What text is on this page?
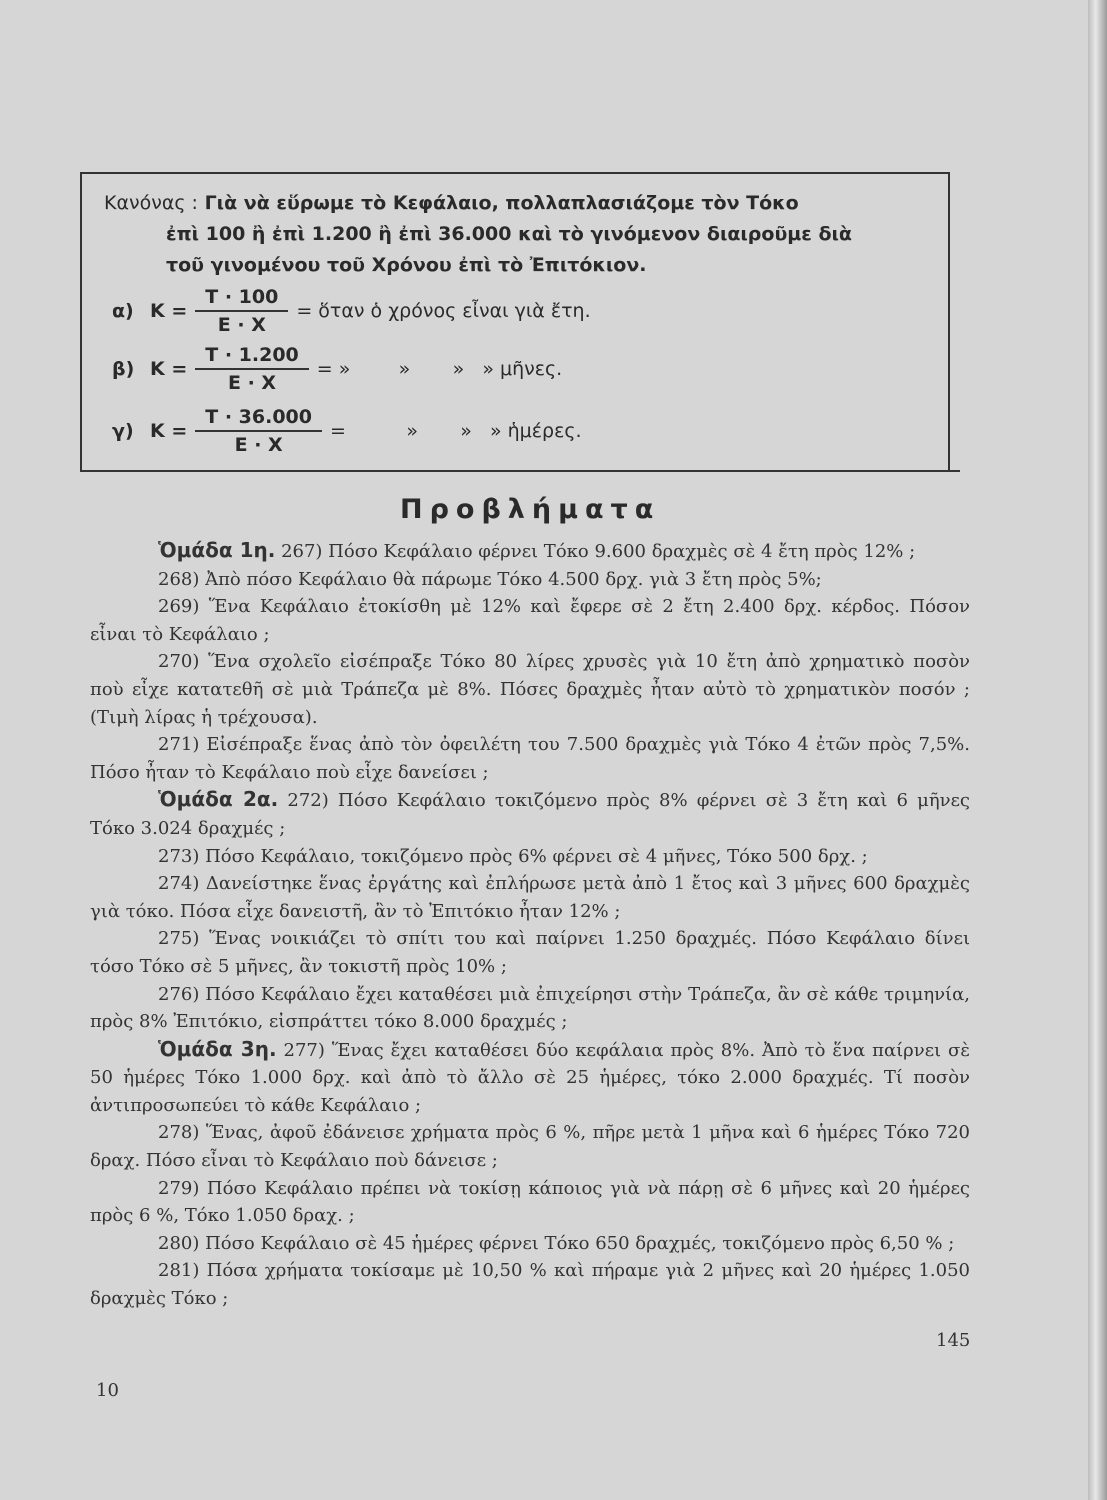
Κανόνας : Γιὰ νὰ εὕρωμε τὸ Κεφάλαιο, πολλαπλασιάζομε τὸν Τόκο
ἐπὶ 100 ἢ ἐπὶ 1.200 ἢ ἐπὶ 36.000 καὶ τὸ γινόμενον διαιροῦμε διὰ
τοῦ γινομένου τοῦ Χρόνου ἐπὶ τὸ Ἐπιτόκιον.
α) $K = \frac{T \cdot 100}{E \cdot X}$ = ὅταν ὁ χρόνος εἶναι γιὰ ἔτη.
β) $K = \frac{T \cdot 1.200}{E \cdot X}$ = »        »       »   » μῆνες.
γ) $K = \frac{T \cdot 36.000}{E \cdot X}$ =          »       »   » ἡμέρες.
Προβλήματα

Ὁμάδα 1η. 267) Πόσο Κεφάλαιο φέρνει Τόκο 9.600 δραχμὲς σὲ 4 ἔτη πρὸς 12% ;

268) Ἀπὸ πόσο Κεφάλαιο θὰ πάρωμε Τόκο 4.500 δρχ. γιὰ 3 ἔτη πρὸς 5%;

269) Ἕνα Κεφάλαιο ἐτοκίσθη μὲ 12% καὶ ἔφερε σὲ 2 ἔτη 2.400 δρχ. κέρδος. Πόσον εἶναι τὸ Κεφάλαιο ;

270) Ἕνα σχολεῖο εἰσέπραξε Τόκο 80 λίρες χρυσὲς γιὰ 10 ἔτη ἀπὸ χρηματικὸ ποσὸν ποὺ εἶχε κατατεθῆ σὲ μιὰ Τράπεζα μὲ 8%. Πόσες δραχμὲς ἦταν αὐτὸ τὸ χρηματικὸν ποσόν ; (Τιμὴ λίρας ἡ τρέχουσα).

271) Εἰσέπραξε ἕνας ἀπὸ τὸν ὀφειλέτη του 7.500 δραχμὲς γιὰ Τόκο 4 ἐτῶν πρὸς 7,5%. Πόσο ἦταν τὸ Κεφάλαιο ποὺ εἶχε δανείσει ;

Ὁμάδα 2α. 272) Πόσο Κεφάλαιο τοκιζόμενο πρὸς 8% φέρνει σὲ 3 ἔτη καὶ 6 μῆνες Τόκο 3.024 δραχμές ;

273) Πόσο Κεφάλαιο, τοκιζόμενο πρὸς 6% φέρνει σὲ 4 μῆνες, Τόκο 500 δρχ. ;

274) Δανείστηκε ἕνας ἐργάτης καὶ ἐπλήρωσε μετὰ ἀπὸ 1 ἔτος καὶ 3 μῆνες 600 δραχμὲς γιὰ τόκο. Πόσα εἶχε δανειστῆ, ἂν τὸ Ἐπιτόκιο ἦταν 12% ;

275) Ἕνας νοικιάζει τὸ σπίτι του καὶ παίρνει 1.250 δραχμές. Πόσο Κεφάλαιο δίνει τόσο Τόκο σὲ 5 μῆνες, ἂν τοκιστῆ πρὸς 10% ;

276) Πόσο Κεφάλαιο ἔχει καταθέσει μιὰ ἐπιχείρησι στὴν Τράπεζα, ἂν σὲ κάθε τριμηνία, πρὸς 8% Ἐπιτόκιο, εἰσπράττει τόκο 8.000 δραχμές ;

Ὁμάδα 3η. 277) Ἕνας ἔχει καταθέσει δύο κεφάλαια πρὸς 8%. Ἀπὸ τὸ ἕνα παίρνει σὲ 50 ἡμέρες Τόκο 1.000 δρχ. καὶ ἀπὸ τὸ ἄλλο σὲ 25 ἡμέρες, τόκο 2.000 δραχμές. Τί ποσὸν ἀντιπροσωπεύει τὸ κάθε Κεφάλαιο ;

278) Ἕνας, ἀφοῦ ἐδάνεισε χρήματα πρὸς 6 %, πῆρε μετὰ 1 μῆνα καὶ 6 ἡμέρες Τόκο 720 δραχ. Πόσο εἶναι τὸ Κεφάλαιο ποὺ δάνεισε ;

279) Πόσο Κεφάλαιο πρέπει νὰ τοκίσῃ κάποιος γιὰ νὰ πάρῃ σὲ 6 μῆνες καὶ 20 ἡμέρες πρὸς 6 %, Τόκο 1.050 δραχ. ;

280) Πόσο Κεφάλαιο σὲ 45 ἡμέρες φέρνει Τόκο 650 δραχμές, τοκιζόμενο πρὸς 6,50 % ;

281) Πόσα χρήματα τοκίσαμε μὲ 10,50 % καὶ πήραμε γιὰ 2 μῆνες καὶ 20 ἡμέρες 1.050 δραχμὲς Τόκο ;

145
10
